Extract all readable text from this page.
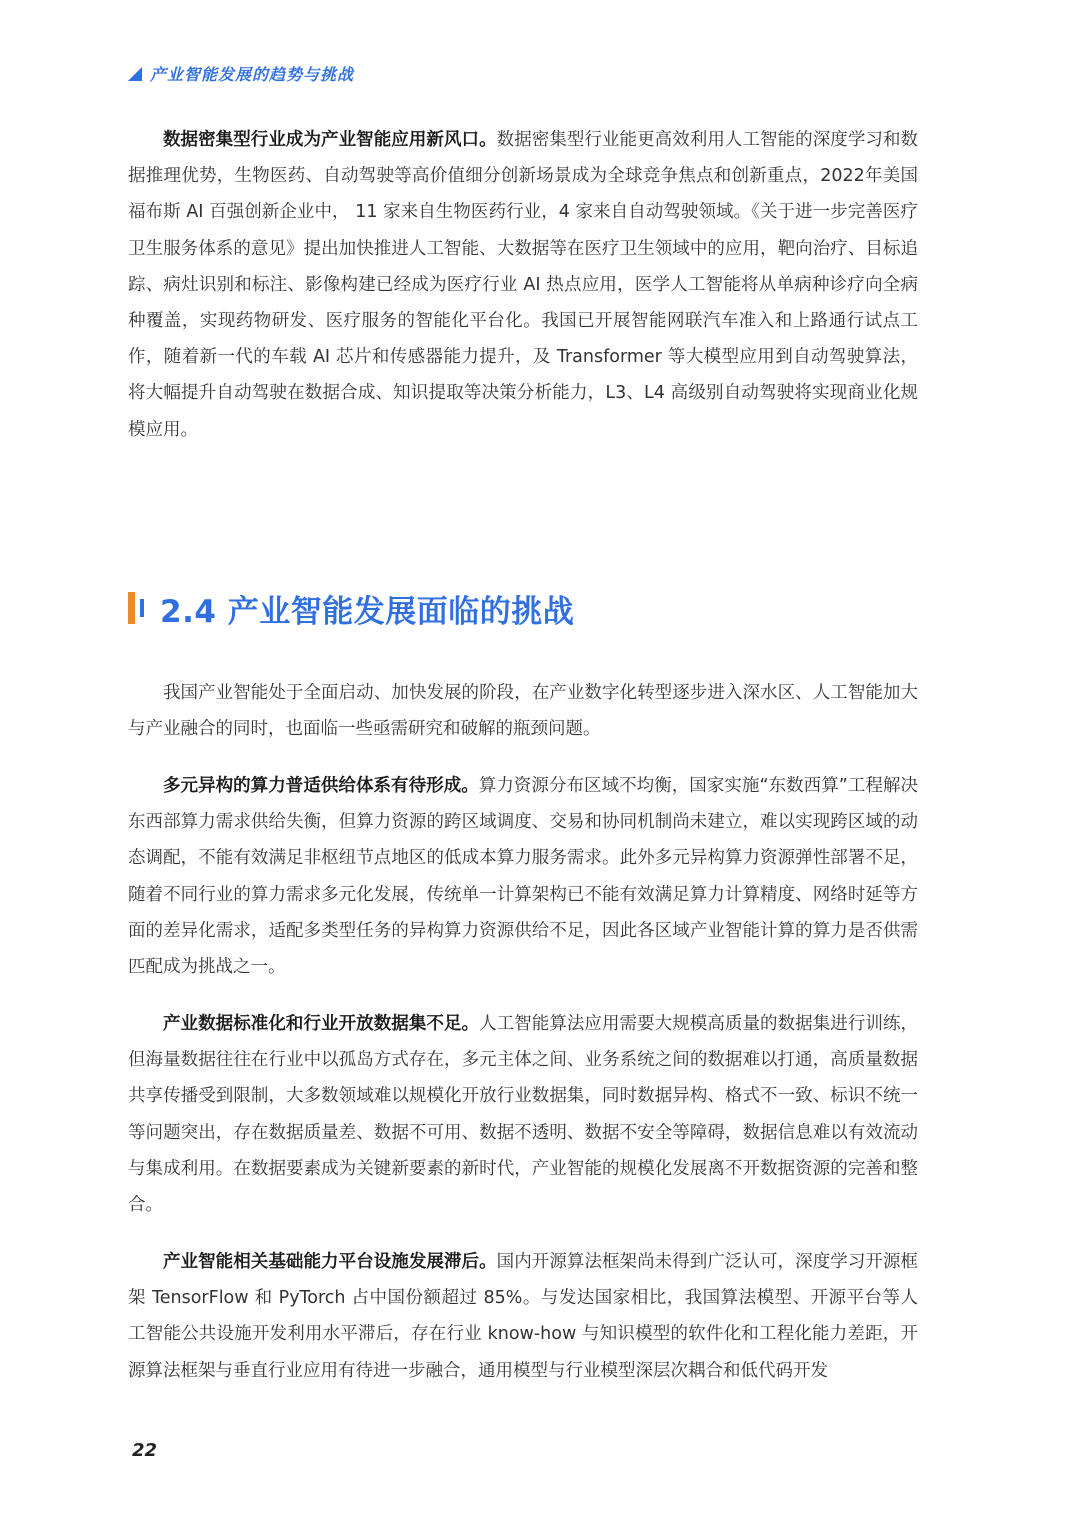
产业智能发展的趋势与挑战

数据密集型行业成为产业智能应用新风口。数据密集型行业能更高效利用人工智能的深度学习和数据推理优势，生物医药、自动驾驶等高价值细分创新场景成为全球竞争焦点和创新重点，2022年美国福布斯 AI 百强创新企业中， 11 家来自生物医药行业，4 家来自自动驾驶领域。《关于进一步完善医疗卫生服务体系的意见》提出加快推进人工智能、大数据等在医疗卫生领域中的应用，靶向治疗、目标追踪、病灶识别和标注、影像构建已经成为医疗行业 AI 热点应用，医学人工智能将从单病种诊疗向全病种覆盖，实现药物研发、医疗服务的智能化平台化。我国已开展智能网联汽车准入和上路通行试点工作，随着新一代的车载 AI 芯片和传感器能力提升，及 Transformer 等大模型应用到自动驾驶算法，将大幅提升自动驾驶在数据合成、知识提取等决策分析能力，L3、L4 高级别自动驾驶将实现商业化规模应用。

2.4 产业智能发展面临的挑战

我国产业智能处于全面启动、加快发展的阶段，在产业数字化转型逐步进入深水区、人工智能加大与产业融合的同时，也面临一些亟需研究和破解的瓶颈问题。

多元异构的算力普适供给体系有待形成。算力资源分布区域不均衡，国家实施“东数西算”工程解决东西部算力需求供给失衡，但算力资源的跨区域调度、交易和协同机制尚未建立，难以实现跨区域的动态调配，不能有效满足非枢纽节点地区的低成本算力服务需求。此外多元异构算力资源弹性部署不足，随着不同行业的算力需求多元化发展，传统单一计算架构已不能有效满足算力计算精度、网络时延等方面的差异化需求，适配多类型任务的异构算力资源供给不足，因此各区域产业智能计算的算力是否供需匹配成为挑战之一。

产业数据标准化和行业开放数据集不足。人工智能算法应用需要大规模高质量的数据集进行训练，但海量数据往往在行业中以孤岛方式存在，多元主体之间、业务系统之间的数据难以打通，高质量数据共享传播受到限制，大多数领域难以规模化开放行业数据集，同时数据异构、格式不一致、标识不统一等问题突出，存在数据质量差、数据不可用、数据不透明、数据不安全等障碍，数据信息难以有效流动与集成利用。在数据要素成为关键新要素的新时代，产业智能的规模化发展离不开数据资源的完善和整合。

产业智能相关基础能力平台设施发展滞后。国内开源算法框架尚未得到广泛认可，深度学习开源框架 TensorFlow 和 PyTorch 占中国份额超过 85%。与发达国家相比，我国算法模型、开源平台等人工智能公共设施开发利用水平滞后，存在行业 know-how 与知识模型的软件化和工程化能力差距，开源算法框架与垂直行业应用有待进一步融合，通用模型与行业模型深层次耦合和低代码开发

22
